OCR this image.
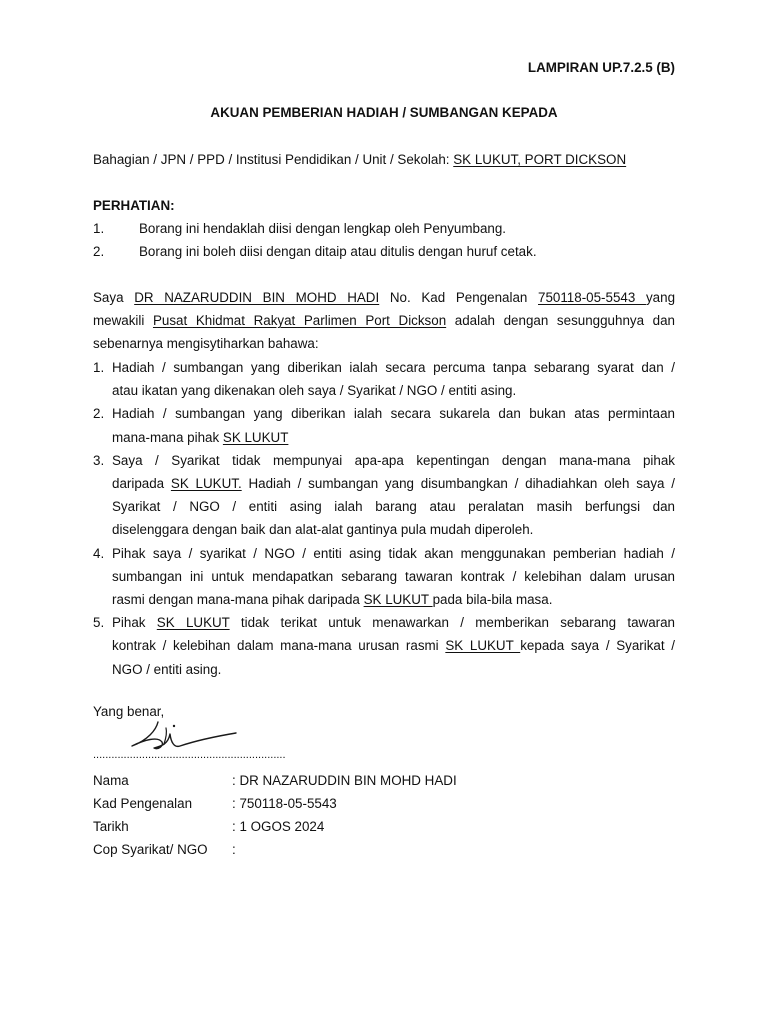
LAMPIRAN UP.7.2.5 (B)
AKUAN PEMBERIAN HADIAH / SUMBANGAN KEPADA
Bahagian / JPN / PPD / Institusi Pendidikan / Unit / Sekolah: SK LUKUT, PORT DICKSON
PERHATIAN:
1.	Borang ini hendaklah diisi dengan lengkap oleh Penyumbang.
2.	Borang ini boleh diisi dengan ditaip atau ditulis dengan huruf cetak.
Saya DR NAZARUDDIN BIN MOHD HADI No. Kad Pengenalan 750118-05-5543 yang
mewakili Pusat Khidmat Rakyat Parlimen Port Dickson adalah dengan sesungguhnya dan
sebenarnya mengisytiharkan bahawa:
1. Hadiah / sumbangan yang diberikan ialah secara percuma tanpa sebarang syarat dan /
atau ikatan yang dikenakan oleh saya / Syarikat / NGO / entiti asing.
2. Hadiah / sumbangan yang diberikan ialah secara sukarela dan bukan atas permintaan
mana-mana pihak SK LUKUT
3. Saya / Syarikat tidak mempunyai apa-apa kepentingan dengan mana-mana pihak
daripada SK LUKUT. Hadiah / sumbangan yang disumbangkan / dihadiahkan oleh saya /
Syarikat / NGO / entiti asing ialah barang atau peralatan masih berfungsi dan
diselenggara dengan baik dan alat-alat gantinya pula mudah diperoleh.
4. Pihak saya / syarikat / NGO / entiti asing tidak akan menggunakan pemberian hadiah /
sumbangan ini untuk mendapatkan sebarang tawaran kontrak / kelebihan dalam urusan
rasmi dengan mana-mana pihak daripada SK LUKUT pada bila-bila masa.
5. Pihak SK LUKUT tidak terikat untuk menawarkan / memberikan sebarang tawaran
kontrak / kelebihan dalam mana-mana urusan rasmi SK LUKUT kepada saya / Syarikat /
NGO / entiti asing.
Yang benar,
...............................................................
Nama	: DR NAZARUDDIN BIN MOHD HADI
Kad Pengenalan	: 750118-05-5543
Tarikh	: 1 OGOS 2024
Cop Syarikat/ NGO :
